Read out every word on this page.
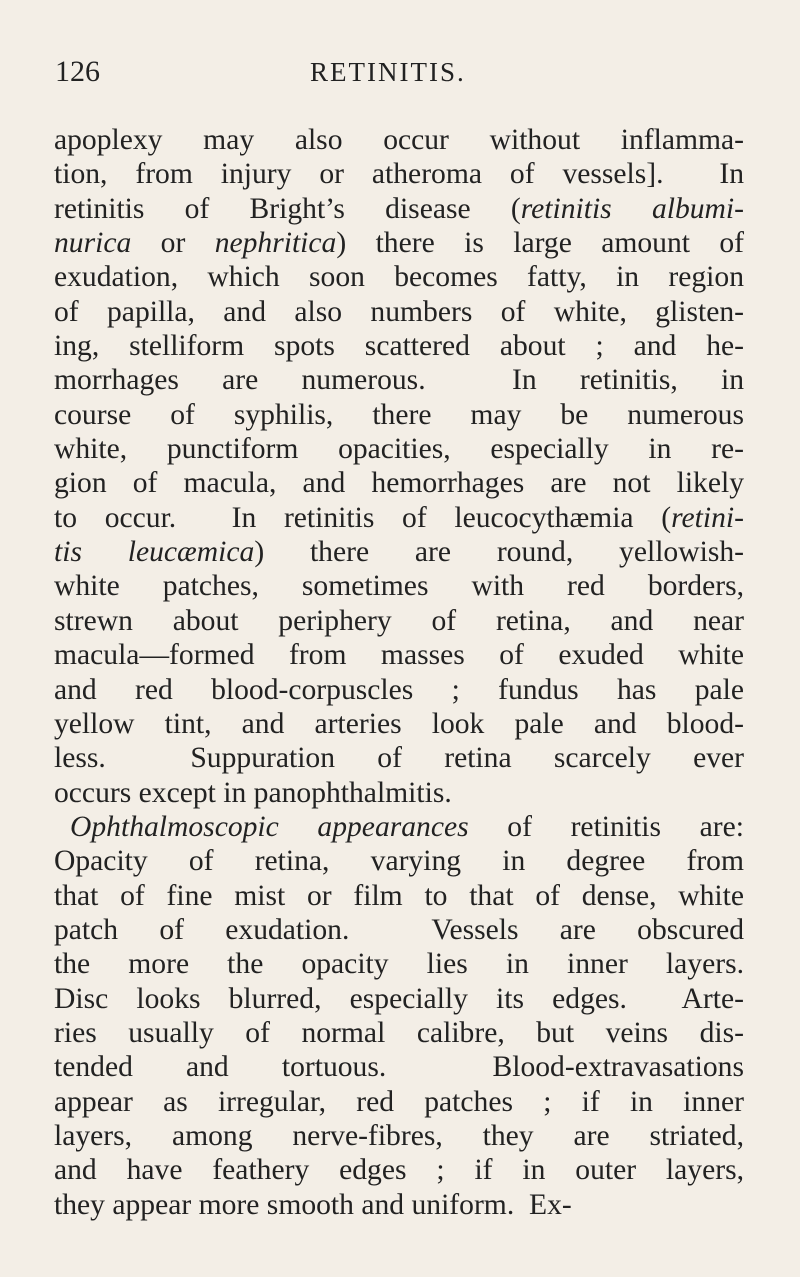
126	RETINITIS.
apoplexy may also occur without inflamma-
tion, from injury or atheroma of vessels].  In
retinitis of Bright’s disease (retinitis albumi-
nurica or nephritica) there is large amount of
exudation, which soon becomes fatty, in region
of papilla, and also numbers of white, glisten-
ing, stelliform spots scattered about ; and he-
morrhages are numerous.  In retinitis, in
course of syphilis, there may be numerous
white, punctiform opacities, especially in re-
gion of macula, and hemorrhages are not likely
to occur.  In retinitis of leucocythæmia (retini-
tis leucæmica) there are round, yellowish-
white patches, sometimes with red borders,
strewn about periphery of retina, and near
macula—formed from masses of exuded white
and red blood-corpuscles ; fundus has pale
yellow tint, and arteries look pale and blood-
less.  Suppuration of retina scarcely ever
occurs except in panophthalmitis.
Ophthalmoscopic appearances of retinitis are:
Opacity of retina, varying in degree from
that of fine mist or film to that of dense, white
patch of exudation.  Vessels are obscured
the more the opacity lies in inner layers.
Disc looks blurred, especially its edges.  Arte-
ries usually of normal calibre, but veins dis-
tended and tortuous.  Blood-extravasations
appear as irregular, red patches ; if in inner
layers, among nerve-fibres, they are striated,
and have feathery edges ; if in outer layers,
they appear more smooth and uniform.  Ex-
